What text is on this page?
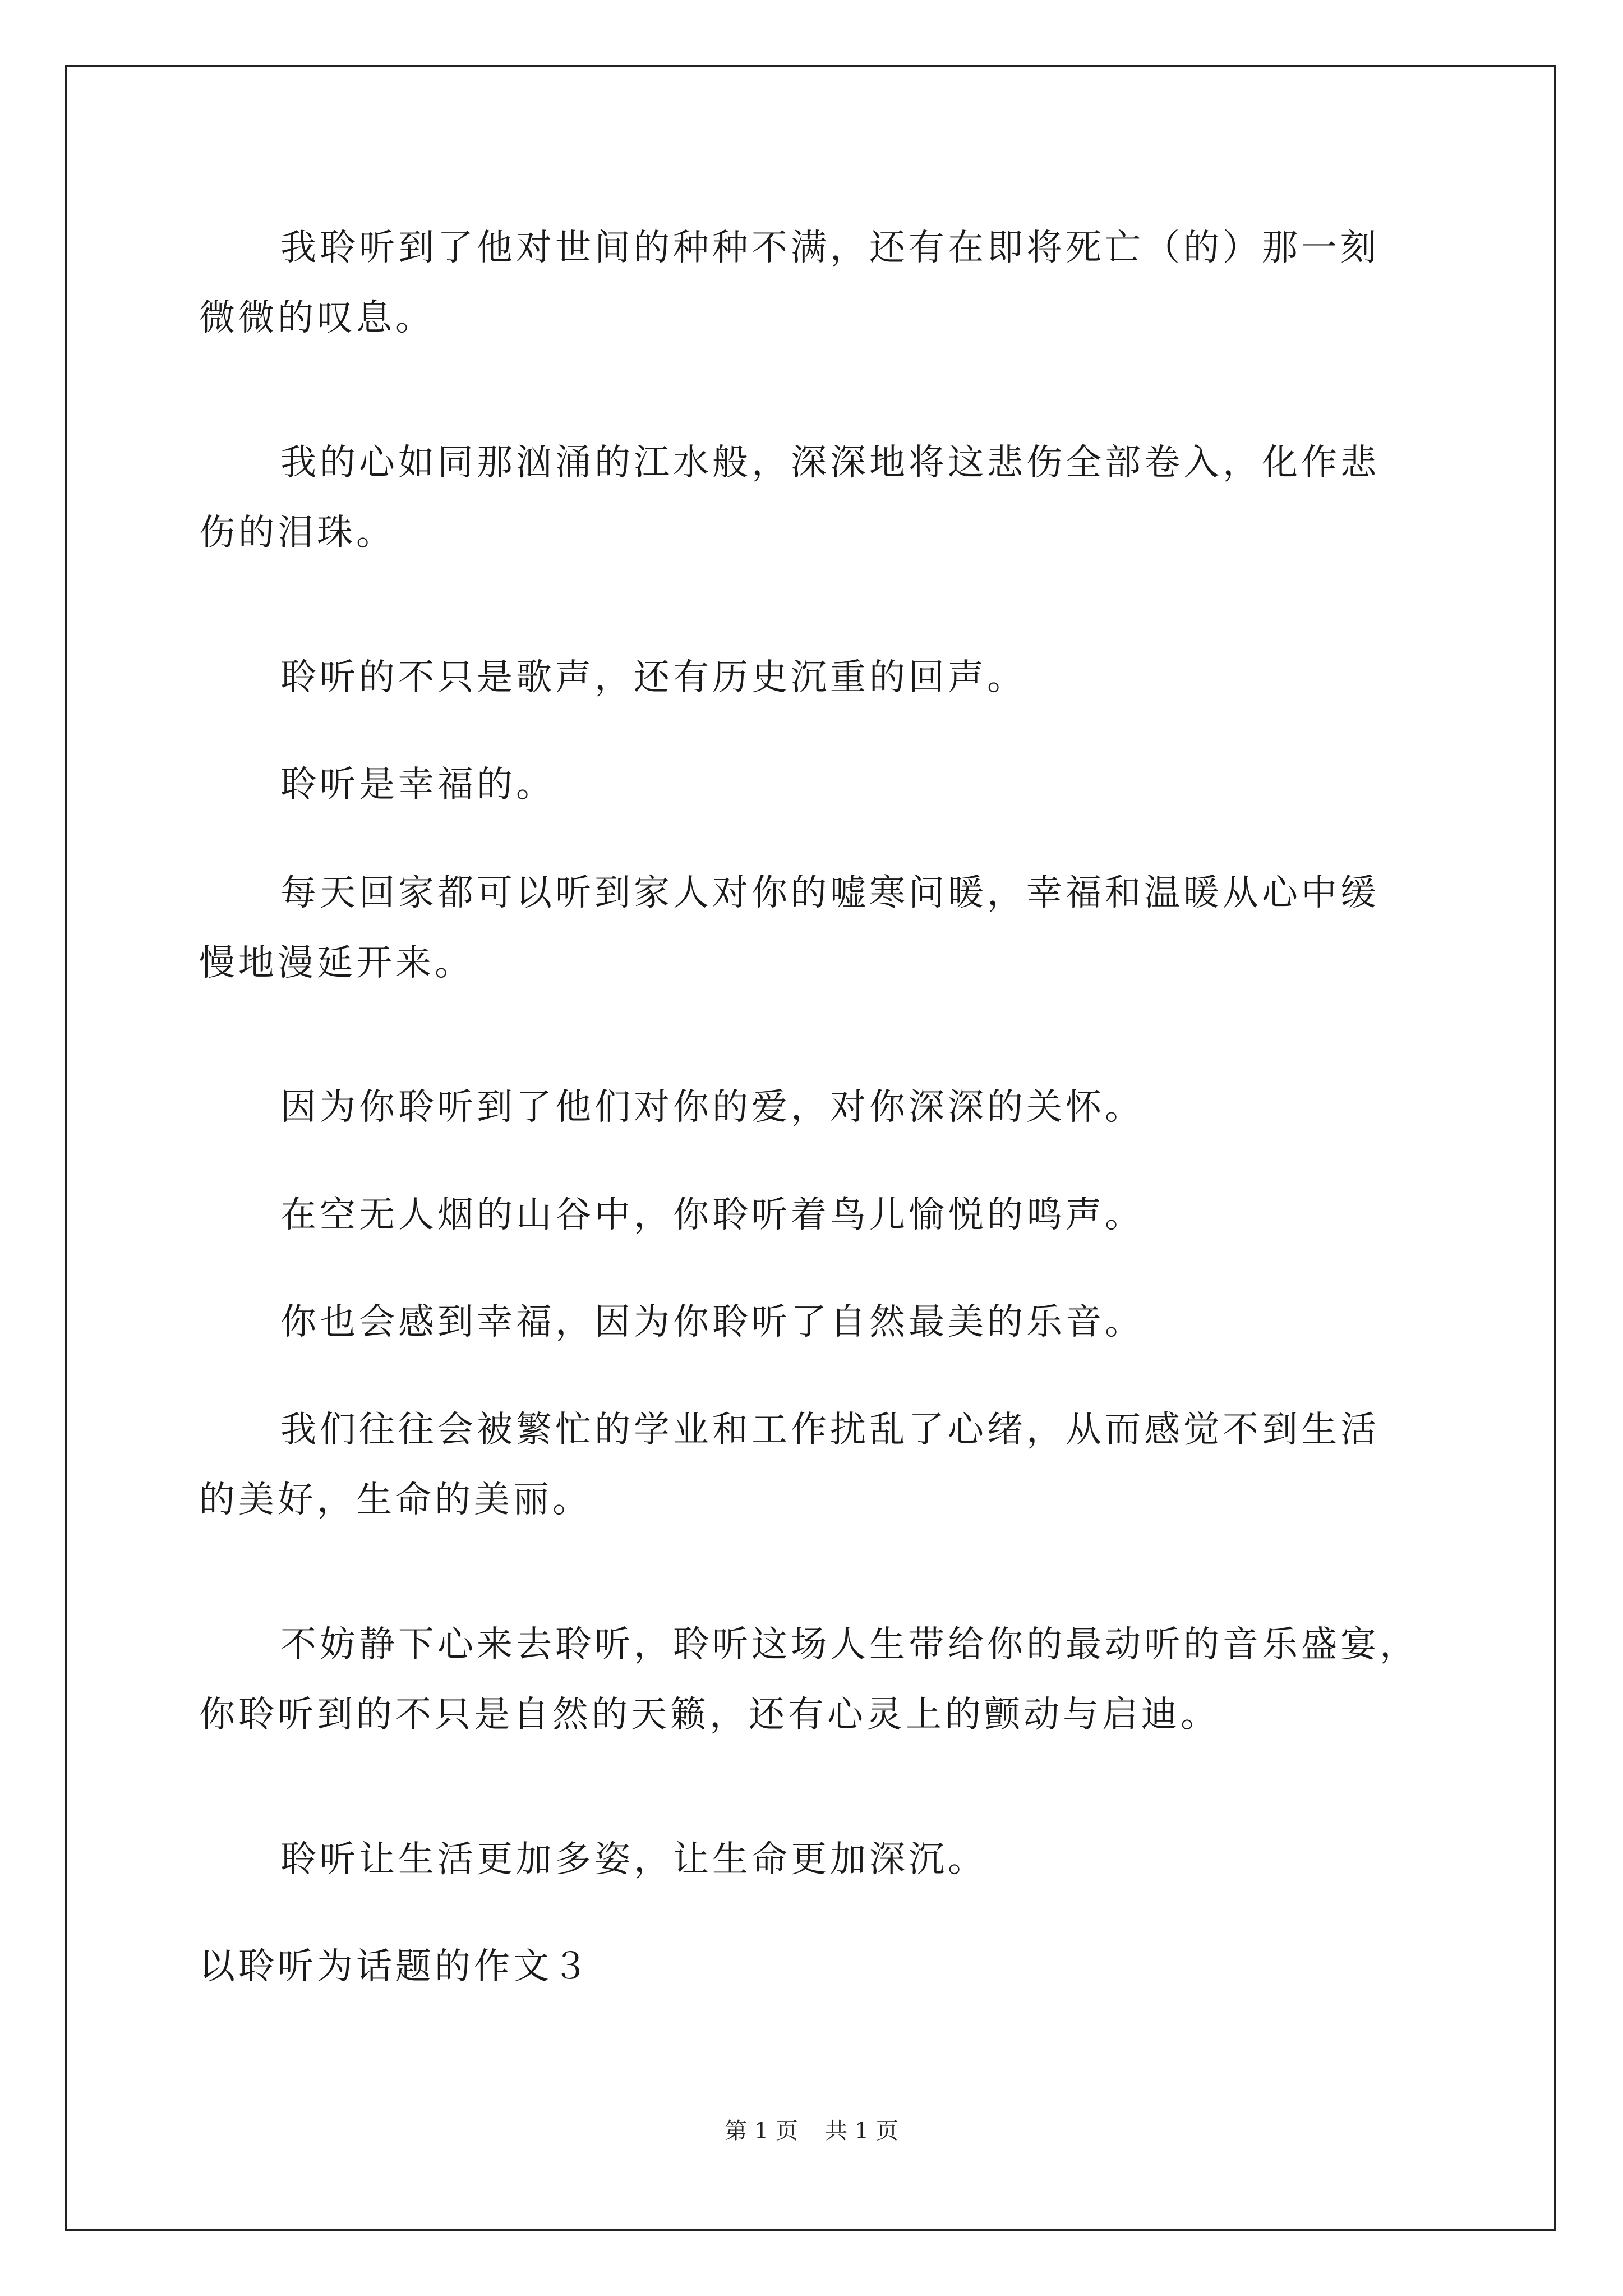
我聆听到了他对世间的种种不满，还有在即将死亡（的）那一刻
微微的叹息。
我的心如同那汹涌的江水般，深深地将这悲伤全部卷入，化作悲
伤的泪珠。
聆听的不只是歌声，还有历史沉重的回声。
聆听是幸福的。
每天回家都可以听到家人对你的嘘寒问暖，幸福和温暖从心中缓
慢地漫延开来。
因为你聆听到了他们对你的爱，对你深深的关怀。
在空无人烟的山谷中，你聆听着鸟儿愉悦的鸣声。
你也会感到幸福，因为你聆听了自然最美的乐音。
我们往往会被繁忙的学业和工作扰乱了心绪，从而感觉不到生活
的美好，生命的美丽。
不妨静下心来去聆听，聆听这场人生带给你的最动听的音乐盛宴，
你聆听到的不只是自然的天籁，还有心灵上的颤动与启迪。
聆听让生活更加多姿，让生命更加深沉。
以聆听为话题的作文３
第 1 页 共 1 页
